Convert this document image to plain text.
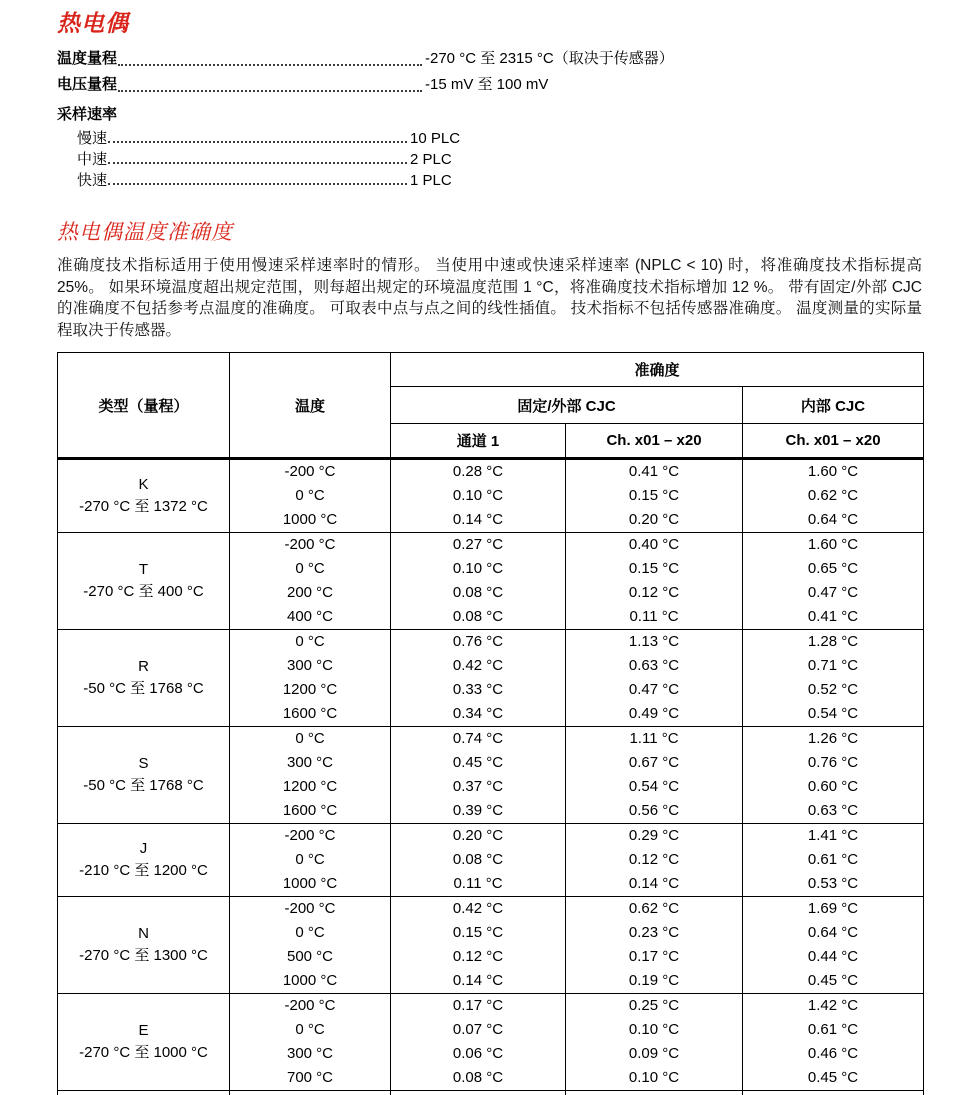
热电偶
温度量程	-270 °C 至 2315 °C（取决于传感器）
电压量程	-15 mV 至 100 mV
采样速率
慢速	10 PLC
中速	2 PLC
快速	1 PLC
热电偶温度准确度

准确度技术指标适用于使用慢速采样速率时的情形。 当使用中速或快速采样速率 (NPLC < 10) 时，将准确度技术指标提高 25%。 如果环境温度超出规定范围，则每超出规定的环境温度范围 1 °C，将准确度技术指标增加 12 %。 带有固定/外部 CJC 的准确度不包括参考点温度的准确度。 可取表中点与点之间的线性插值。 技术指标不包括传感器准确度。 温度测量的实际量程取决于传感器。

类型（量程）	温度	准确度		
		固定/外部 CJC		内部 CJC
		通道 1	Ch. x01 – x20	Ch. x01 – x20

K
-270 °C 至 1372 °C	-200 °C	0.28 °C	0.41 °C	1.60 °C
	0 °C	0.10 °C	0.15 °C	0.62 °C
	1000 °C	0.14 °C	0.20 °C	0.64 °C

T
-270 °C 至 400 °C	-200 °C	0.27 °C	0.40 °C	1.60 °C
	0 °C	0.10 °C	0.15 °C	0.65 °C
	200 °C	0.08 °C	0.12 °C	0.47 °C
	400 °C	0.08 °C	0.11 °C	0.41 °C

R
-50 °C 至 1768 °C	0 °C	0.76 °C	1.13 °C	1.28 °C
	300 °C	0.42 °C	0.63 °C	0.71 °C
	1200 °C	0.33 °C	0.47 °C	0.52 °C
	1600 °C	0.34 °C	0.49 °C	0.54 °C

S
-50 °C 至 1768 °C	0 °C	0.74 °C	1.11 °C	1.26 °C
	300 °C	0.45 °C	0.67 °C	0.76 °C
	1200 °C	0.37 °C	0.54 °C	0.60 °C
	1600 °C	0.39 °C	0.56 °C	0.63 °C

J
-210 °C 至 1200 °C	-200 °C	0.20 °C	0.29 °C	1.41 °C
	0 °C	0.08 °C	0.12 °C	0.61 °C
	1000 °C	0.11 °C	0.14 °C	0.53 °C

N
-270 °C 至 1300 °C	-200 °C	0.42 °C	0.62 °C	1.69 °C
	0 °C	0.15 °C	0.23 °C	0.64 °C
	500 °C	0.12 °C	0.17 °C	0.44 °C
	1000 °C	0.14 °C	0.19 °C	0.45 °C

E
-270 °C 至 1000 °C	-200 °C	0.17 °C	0.25 °C	1.42 °C
	0 °C	0.07 °C	0.10 °C	0.61 °C
	300 °C	0.06 °C	0.09 °C	0.46 °C
	700 °C	0.08 °C	0.10 °C	0.45 °C
